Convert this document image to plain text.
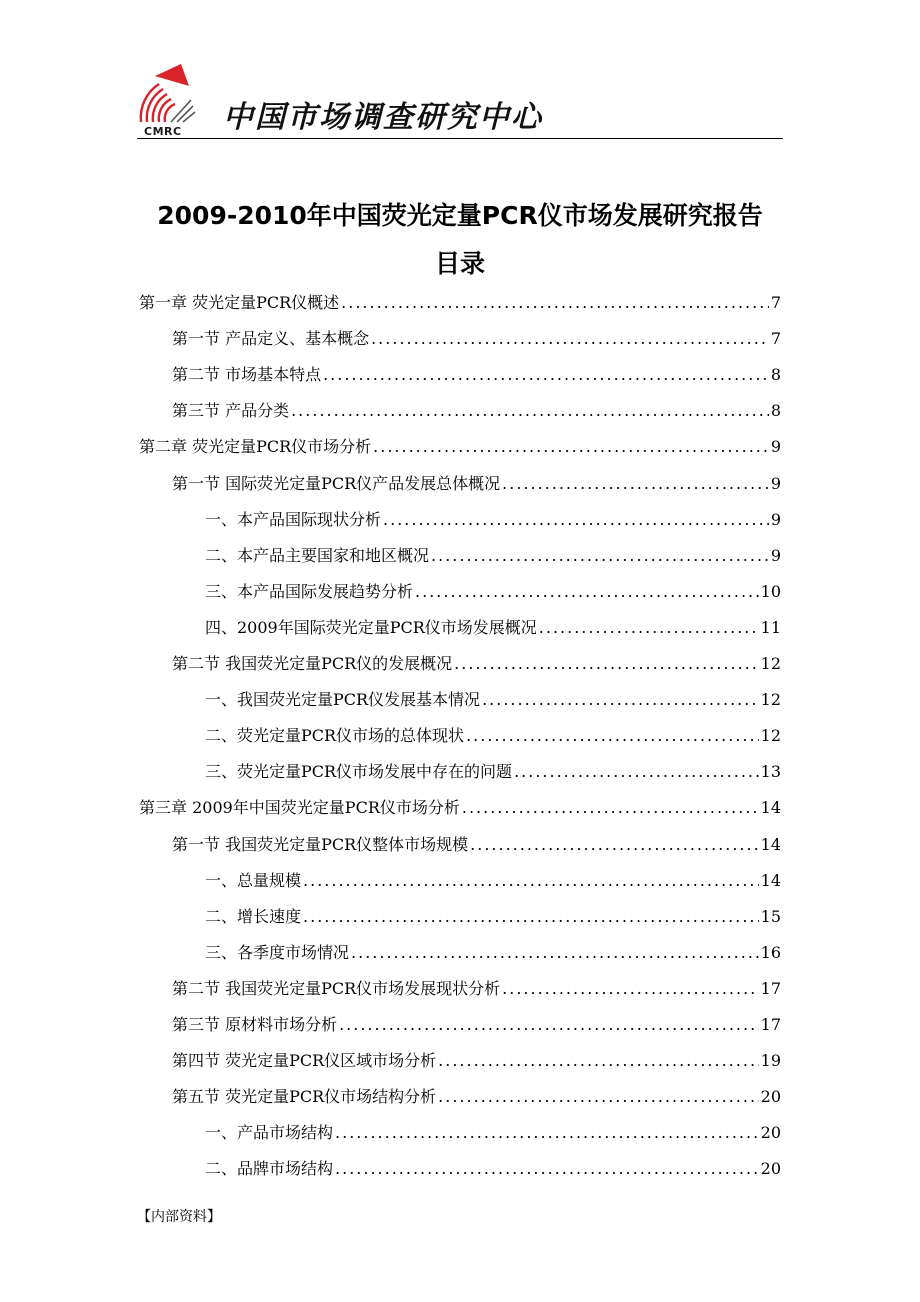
CMRC 中国市场调查研究中心
2009-2010年中国荧光定量PCR仪市场发展研究报告
目录
第一章 荧光定量PCR仪概述 .....	7
第一节 产品定义、基本概念 .....	7
第二节 市场基本特点 .....	8
第三节 产品分类 .....	8
第二章 荧光定量PCR仪市场分析 .....	9
第一节 国际荧光定量PCR仪产品发展总体概况 .....	9
一、本产品国际现状分析 .....	9
二、本产品主要国家和地区概况 .....	9
三、本产品国际发展趋势分析 .....	10
四、2009年国际荧光定量PCR仪市场发展概况 .....	11
第二节 我国荧光定量PCR仪的发展概况 .....	12
一、我国荧光定量PCR仪发展基本情况 .....	12
二、荧光定量PCR仪市场的总体现状 .....	12
三、荧光定量PCR仪市场发展中存在的问题 .....	13
第三章 2009年中国荧光定量PCR仪市场分析 .....	14
第一节 我国荧光定量PCR仪整体市场规模 .....	14
一、总量规模 .....	14
二、增长速度 .....	15
三、各季度市场情况 .....	16
第二节 我国荧光定量PCR仪市场发展现状分析 .....	17
第三节 原材料市场分析 .....	17
第四节 荧光定量PCR仪区域市场分析 .....	19
第五节 荧光定量PCR仪市场结构分析 .....	20
一、产品市场结构 .....	20
二、品牌市场结构 .....	20
【内部资料】
